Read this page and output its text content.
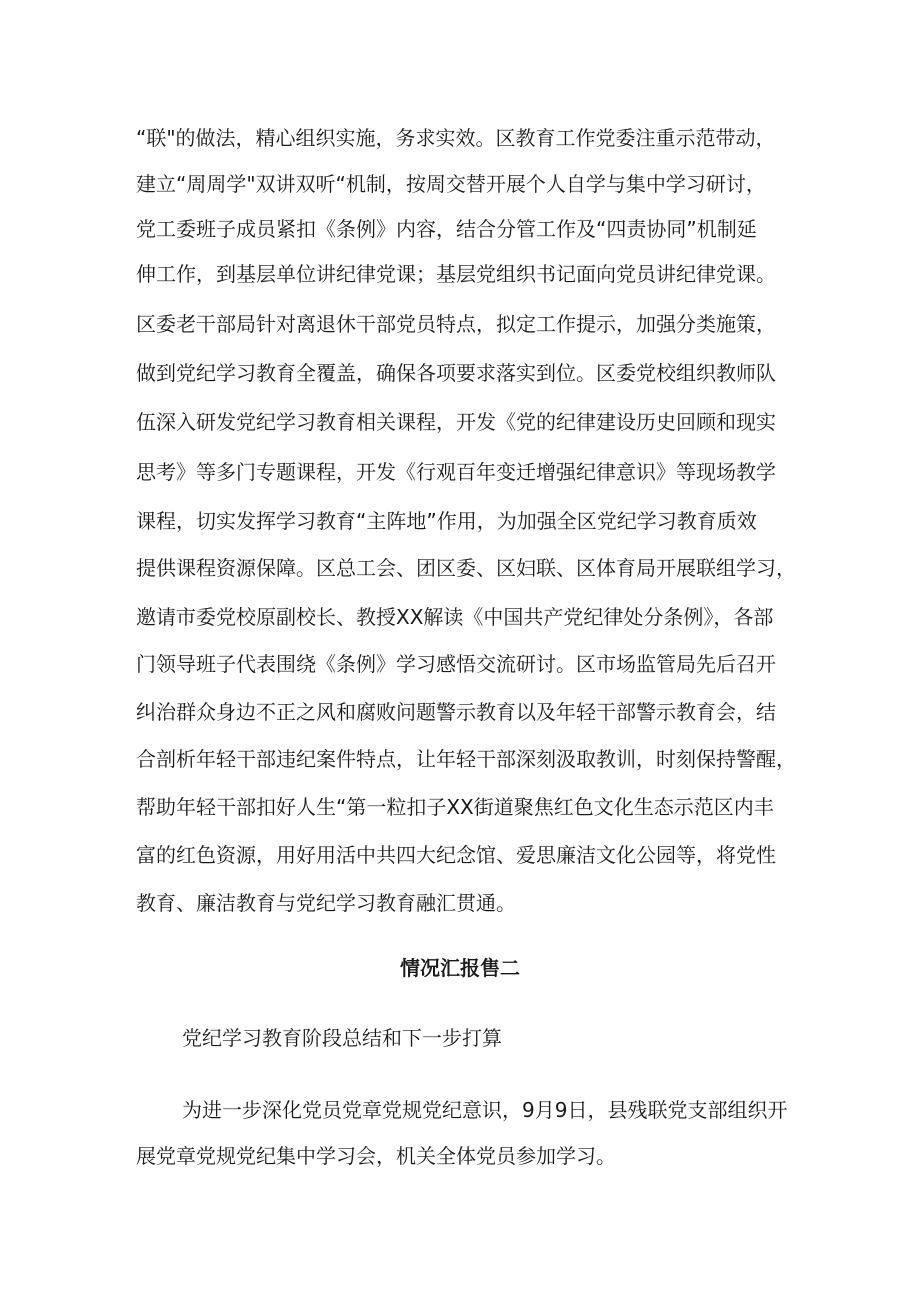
“联"的做法，精心组织实施，务求实效。区教育工作党委注重示范带动，
建立“周周学"双讲双听“机制，按周交替开展个人自学与集中学习研讨，
党工委班子成员紧扣《条例》内容，结合分管工作及“四责协同”机制延
伸工作，到基层单位讲纪律党课；基层党组织书记面向党员讲纪律党课。
区委老干部局针对离退休干部党员特点，拟定工作提示，加强分类施策，
做到党纪学习教育全覆盖，确保各项要求落实到位。区委党校组织教师队
伍深入研发党纪学习教育相关课程，开发《党的纪律建设历史回顾和现实
思考》等多门专题课程，开发《行观百年变迁增强纪律意识》等现场教学
课程，切实发挥学习教育“主阵地”作用，为加强全区党纪学习教育质效
提供课程资源保障。区总工会、团区委、区妇联、区体育局开展联组学习，
邀请市委党校原副校长、教授XX解读《中国共产党纪律处分条例》，各部
门领导班子代表围绕《条例》学习感悟交流研讨。区市场监管局先后召开
纠治群众身边不正之风和腐败问题警示教育以及年轻干部警示教育会，结
合剖析年轻干部违纪案件特点，让年轻干部深刻汲取教训，时刻保持警醒，
帮助年轻干部扣好人生“第一粒扣子XX街道聚焦红色文化生态示范区内丰
富的红色资源，用好用活中共四大纪念馆、爱思廉洁文化公园等，将党性
教育、廉洁教育与党纪学习教育融汇贯通。
情况汇报售二
党纪学习教育阶段总结和下一步打算
为进一步深化党员党章党规党纪意识，9月9日，县残联党支部组织开
展党章党规党纪集中学习会，机关全体党员参加学习。
